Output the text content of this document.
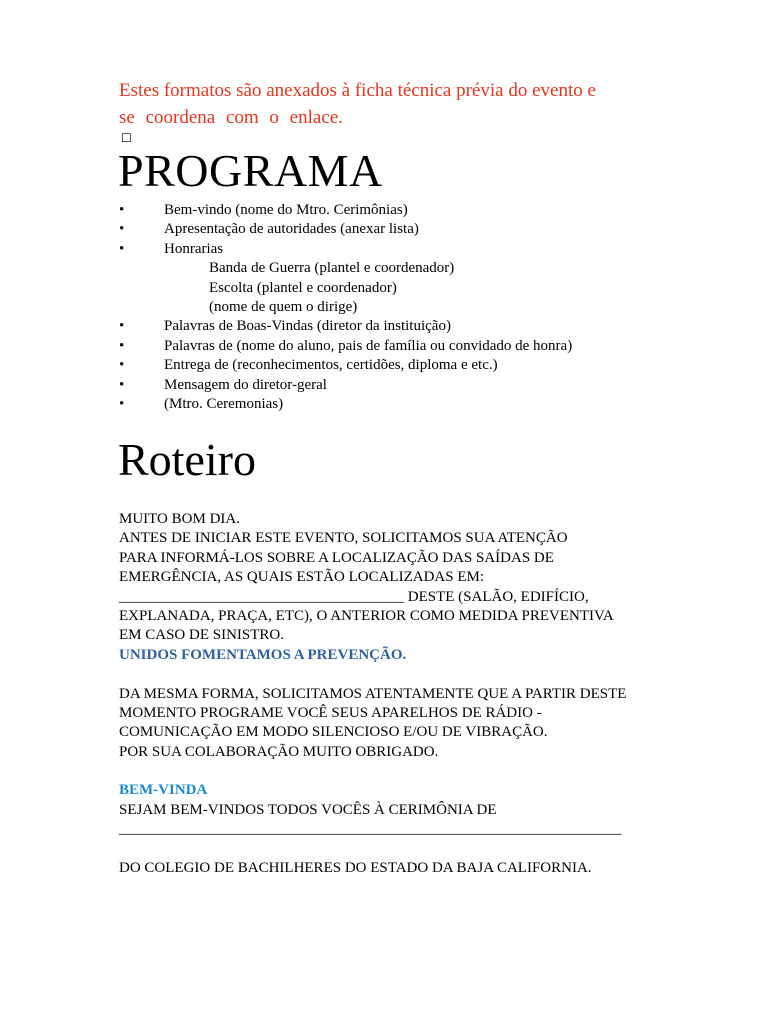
Estes formatos são anexados à ficha técnica prévia do evento e
se coordena com o enlace.
☐
PROGRAMA
•	Bem-vindo (nome do Mtro. Cerimônias)
•	Apresentação de autoridades (anexar lista)
•	Honrarias
Banda de Guerra (plantel e coordenador)
Escolta (plantel e coordenador)
(nome de quem o dirige)
•	Palavras de Boas-Vindas (diretor da instituição)
•	Palavras de (nome do aluno, pais de família ou convidado de honra)
•	Entrega de (reconhecimentos, certidões, diploma e etc.)
•	Mensagem do diretor-geral
•	(Mtro. Ceremonias)
Roteiro
MUITO BOM DIA.
ANTES DE INICIAR ESTE EVENTO, SOLICITAMOS SUA ATENÇÃO
PARA INFORMÁ-LOS SOBRE A LOCALIZAÇÃO DAS SAÍDAS DE
EMERGÊNCIA, AS QUAIS ESTÃO LOCALIZADAS EM:
______________________________________ DESTE (SALÃO, EDIFÍCIO,
EXPLANADA, PRAÇA, ETC), O ANTERIOR COMO MEDIDA PREVENTIVA
EM CASO DE SINISTRO.
UNIDOS FOMENTAMOS A PREVENÇÃO.
DA MESMA FORMA, SOLICITAMOS ATENTAMENTE QUE A PARTIR DESTE
MOMENTO PROGRAME VOCÊ SEUS APARELHOS DE RÁDIO -
COMUNICAÇÃO EM MODO SILENCIOSO E/OU DE VIBRAÇÃO.
POR SUA COLABORAÇÃO MUITO OBRIGADO.
BEM-VINDA
SEJAM BEM-VINDOS TODOS VOCÊS À CERIMÔNIA DE
___________________________________________________________________
DO COLEGIO DE BACHILHERES DO ESTADO DA BAJA CALIFORNIA.
